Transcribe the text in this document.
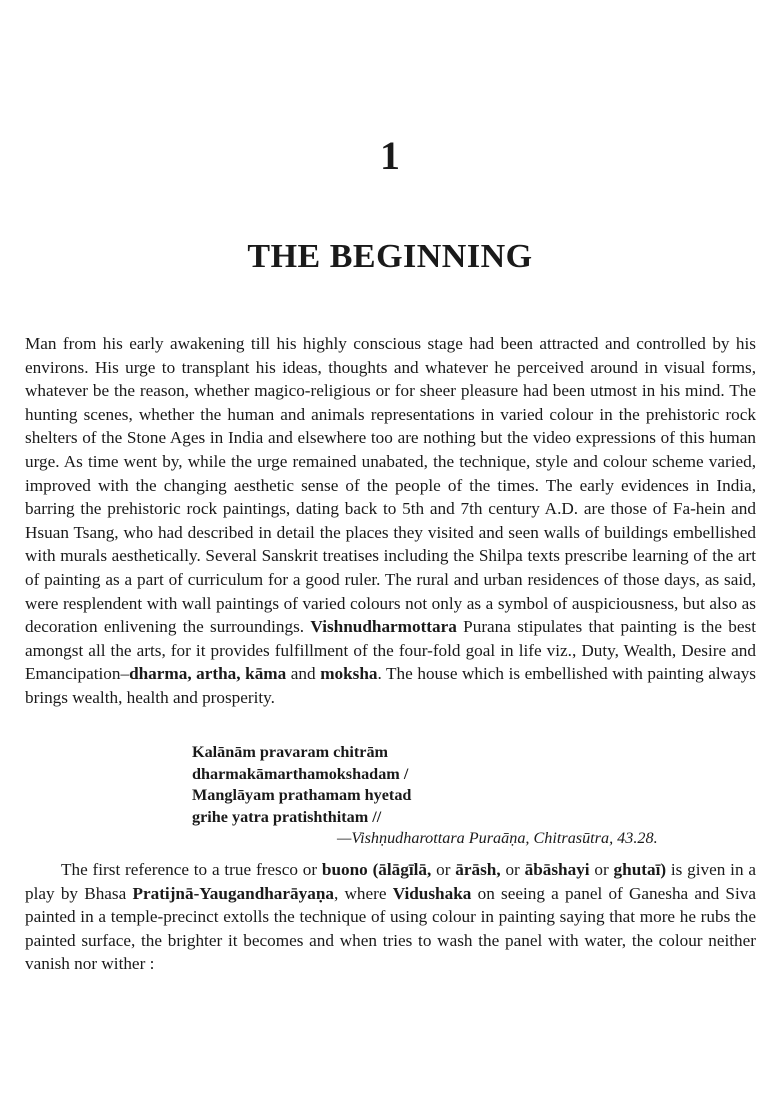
1
THE BEGINNING

Man from his early awakening till his highly conscious stage had been attracted and controlled by his environs. His urge to transplant his ideas, thoughts and whatever he perceived around in visual forms, whatever be the reason, whether magico-religious or for sheer pleasure had been utmost in his mind. The hunting scenes, whether the human and animals representations in varied colour in the prehistoric rock shelters of the Stone Ages in India and elsewhere too are nothing but the video expressions of this human urge. As time went by, while the urge remained unabated, the technique, style and colour scheme varied, improved with the changing aesthetic sense of the people of the times. The early evidences in India, barring the prehistoric rock paintings, dating back to 5th and 7th century A.D. are those of Fa-hein and Hsuan Tsang, who had described in detail the places they visited and seen walls of buildings embellished with murals aesthetically. Several Sanskrit treatises including the Shilpa texts prescribe learning of the art of painting as a part of curriculum for a good ruler. The rural and urban residences of those days, as said, were resplendent with wall paintings of varied colours not only as a symbol of auspiciousness, but also as decoration enlivening the surroundings. Vishnudharmottara Purana stipulates that painting is the best amongst all the arts, for it provides fulfillment of the four-fold goal in life viz., Duty, Wealth, Desire and Emancipation–dharma, artha, kāma and moksha. The house which is embellished with painting always brings wealth, health and prosperity.

Kalānām pravaram chitrām
dharmakāmarthamokshadam /
Manglāyam prathamam hyetad
grihe yatra pratishthitam //
—Vishṇudharottara Puraāṇa, Chitrasūtra, 43.28.

The first reference to a true fresco or buono (ālāgīlā, or ārāsh, or ābāshayi or ghutaī) is given in a play by Bhasa Pratijnā-Yaugandharāyaṇa, where Vidushaka on seeing a panel of Ganesha and Siva painted in a temple-precinct extolls the technique of using colour in painting saying that more he rubs the painted surface, the brighter it becomes and when tries to wash the panel with water, the colour neither vanish nor wither :
